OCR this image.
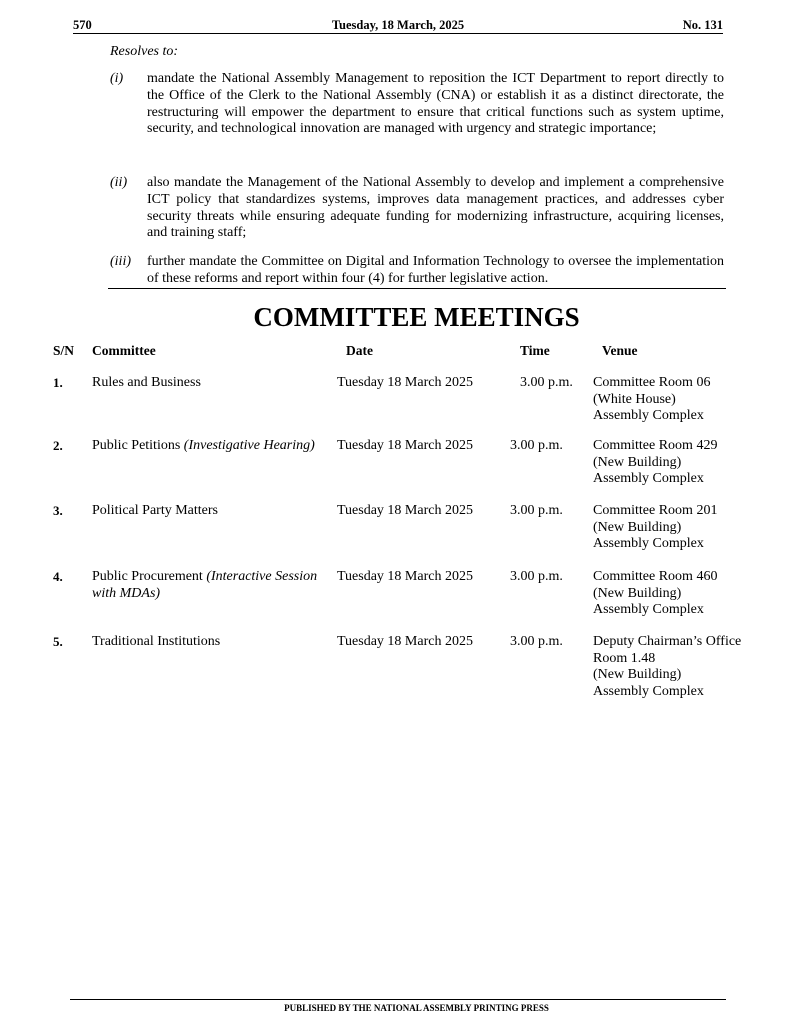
570	Tuesday, 18 March, 2025	No. 131
Resolves to:
(i) mandate the National Assembly Management to reposition the ICT Department to report directly to the Office of the Clerk to the National Assembly (CNA) or establish it as a distinct directorate, the restructuring will empower the department to ensure that critical functions such as system uptime, security, and technological innovation are managed with urgency and strategic importance;
(ii) also mandate the Management of the National Assembly to develop and implement a comprehensive ICT policy that standardizes systems, improves data management practices, and addresses cyber security threats while ensuring adequate funding for modernizing infrastructure, acquiring licenses, and training staff;
(iii) further mandate the Committee on Digital and Information Technology to oversee the implementation of these reforms and report within four (4) for further legislative action.
COMMITTEE MEETINGS
S/N Committee	Date	Time	Venue
1. Rules and Business	Tuesday 18 March 2025	3.00 p.m. Committee Room 06
(White House)
Assembly Complex
2. Public Petitions (Investigative Hearing)	Tuesday 18 March 2025	3.00 p.m. Committee Room 429
(New Building)
Assembly Complex
3. Political Party Matters	Tuesday 18 March 2025	3.00 p.m. Committee Room 201
(New Building)
Assembly Complex
4. Public Procurement (Interactive Session with MDAs)
Tuesday 18 March 2025	3.00 p.m. Committee Room 460
(New Building)
Assembly Complex
5. Traditional Institutions	Tuesday 18 March 2025	3.00 p.m. Deputy Chairman’s Office
Room 1.48
(New Building)
Assembly Complex
PUBLISHED BY THE NATIONAL ASSEMBLY PRINTING PRESS
